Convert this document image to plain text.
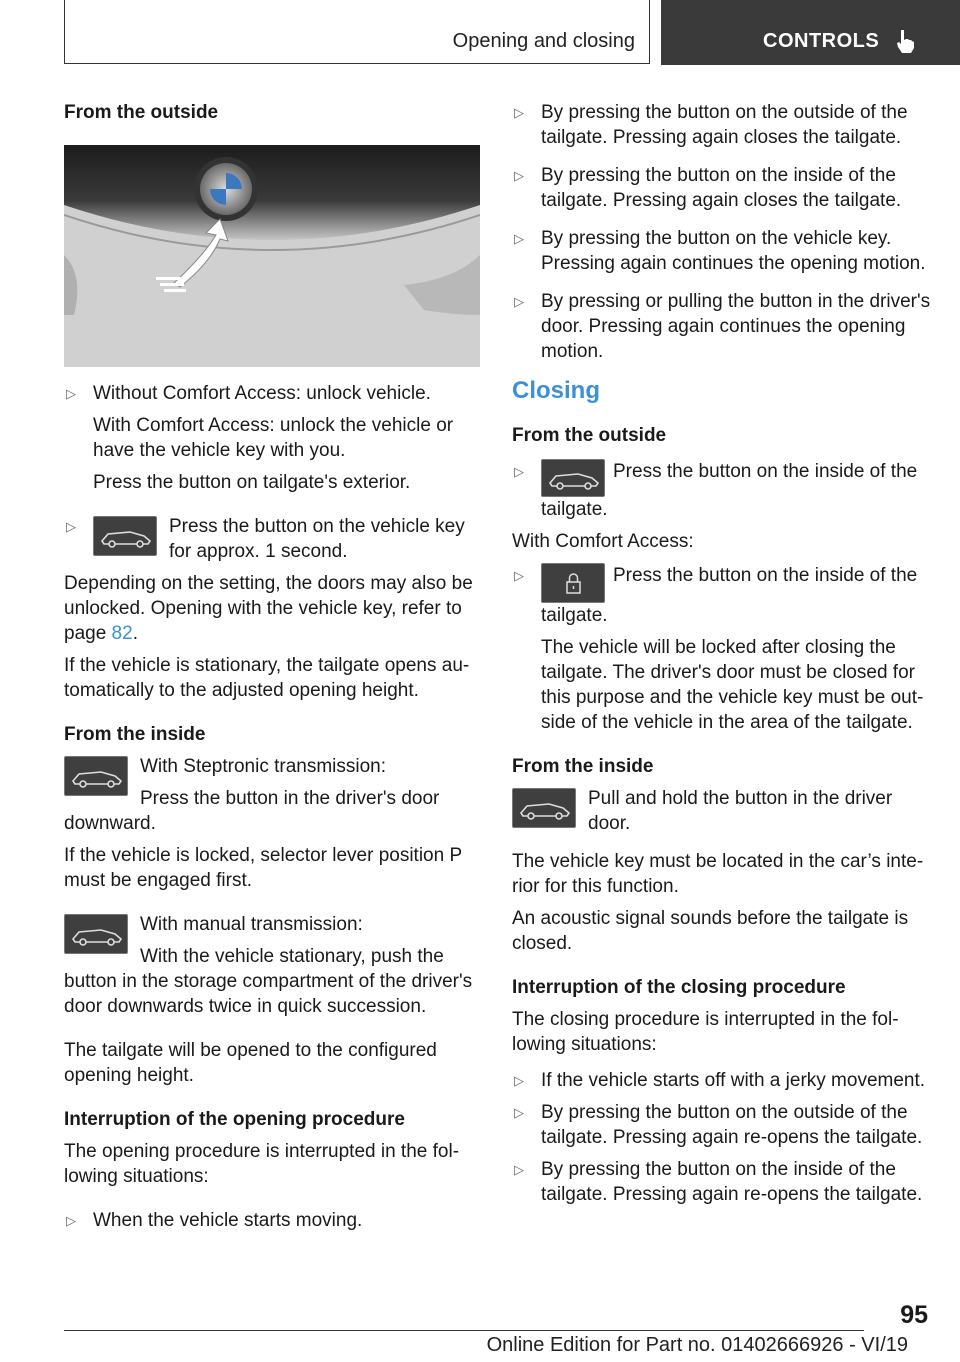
Opening and closing	CONTROLS
From the outside
▷ Without Comfort Access: unlock vehicle.

With Comfort Access: unlock the vehicle or have the vehicle key with you.

Press the button on tailgate's exterior.

▷	Press the button on the vehicle key for approx. 1 second.

Depending on the setting, the doors may also be unlocked. Opening with the vehicle key, refer to page 82.

If the vehicle is stationary, the tailgate opens automatically to the adjusted opening height.

From the inside

With Steptronic transmission:

Press the button in the driver's door downward.

If the vehicle is locked, selector lever position P must be engaged first.

With manual transmission:

With the vehicle stationary, push the button in the storage compartment of the driver's door downwards twice in quick succession.

The tailgate will be opened to the configured opening height.

Interruption of the opening procedure

The opening procedure is interrupted in the following situations:

▷ When the vehicle starts moving.

▷ By pressing the button on the outside of the tailgate. Pressing again closes the tailgate.

▷ By pressing the button on the inside of the tailgate. Pressing again closes the tailgate.

▷ By pressing the button on the vehicle key. Pressing again continues the opening motion.

▷ By pressing or pulling the button in the driver's door. Pressing again continues the opening motion.

Closing
From the outside
▷	Press the button on the inside of the tailgate.

With Comfort Access:

▷	Press the button on the inside of the tailgate.

The vehicle will be locked after closing the tailgate. The driver's door must be closed for this purpose and the vehicle key must be outside of the vehicle in the area of the tailgate.

From the inside

Pull and hold the button in the driver door.

The vehicle key must be located in the car’s interior for this function.

An acoustic signal sounds before the tailgate is closed.

Interruption of the closing procedure

The closing procedure is interrupted in the following situations:

▷ If the vehicle starts off with a jerky movement.

▷ By pressing the button on the outside of the tailgate. Pressing again re-opens the tailgate.

▷ By pressing the button on the inside of the tailgate. Pressing again re-opens the tailgate.

95
Online Edition for Part no. 01402666926 - VI/19
